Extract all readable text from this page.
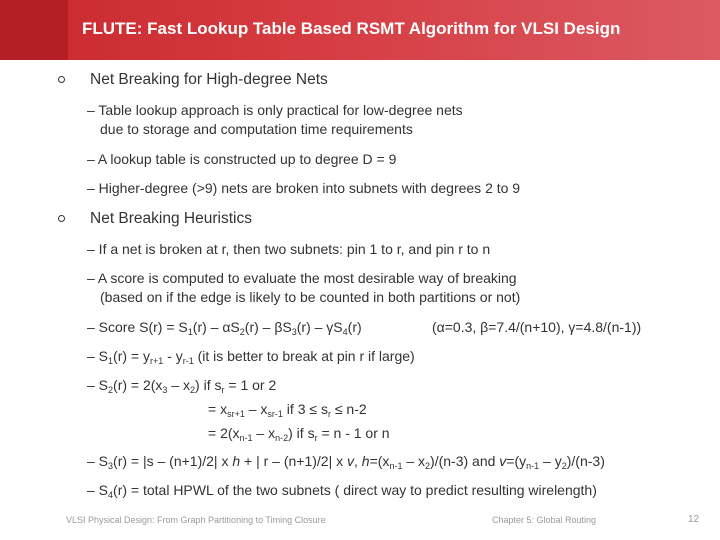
FLUTE: Fast Lookup Table Based RSMT Algorithm for VLSI Design
Net Breaking for High-degree Nets
– Table lookup approach is only practical for low-degree nets
due to storage and computation time requirements
– A lookup table is constructed up to degree D = 9
– Higher-degree (>9) nets are broken into subnets with degrees 2 to 9
Net Breaking Heuristics
– If a net is broken at r, then two subnets: pin 1 to r, and pin r to n
– A score is computed to evaluate the most desirable way of breaking
(based on if the edge is likely to be counted in both partitions or not)
– Score $S(r) = S_1(r) - \alpha S_2(r) - \beta S_3(r) - \gamma S_4(r)$	(α=0.3, β=7.4/(n+10), γ=4.8/(n-1))
– $S_1(r) = y_{r+1} - y_{r-1}$ (it is better to break at pin r if large)
– $S_2(r) = 2(x_3 - x_2)$ if $s_r = 1$ or 2
= $x_{sr+1} - x_{sr-1}$ if $3 \le s_r \le n-2$
= $2(x_{n-1} - x_{n-2})$ if $s_r = n - 1$ or n
– $S_3(r) = |s - (n+1)/2|$ x h + | r – (n+1)/2| x v, $h=(x_{n-1} - x_2)/(n-3)$ and $v=(y_{n-1} - y_2)/(n-3)$
– $S_4(r)$ = total HPWL of the two subnets ( direct way to predict resulting wirelength)
VLSI Physical Design: From Graph Partitioning to Timing Closure	Chapter 5: Global Routing	12
